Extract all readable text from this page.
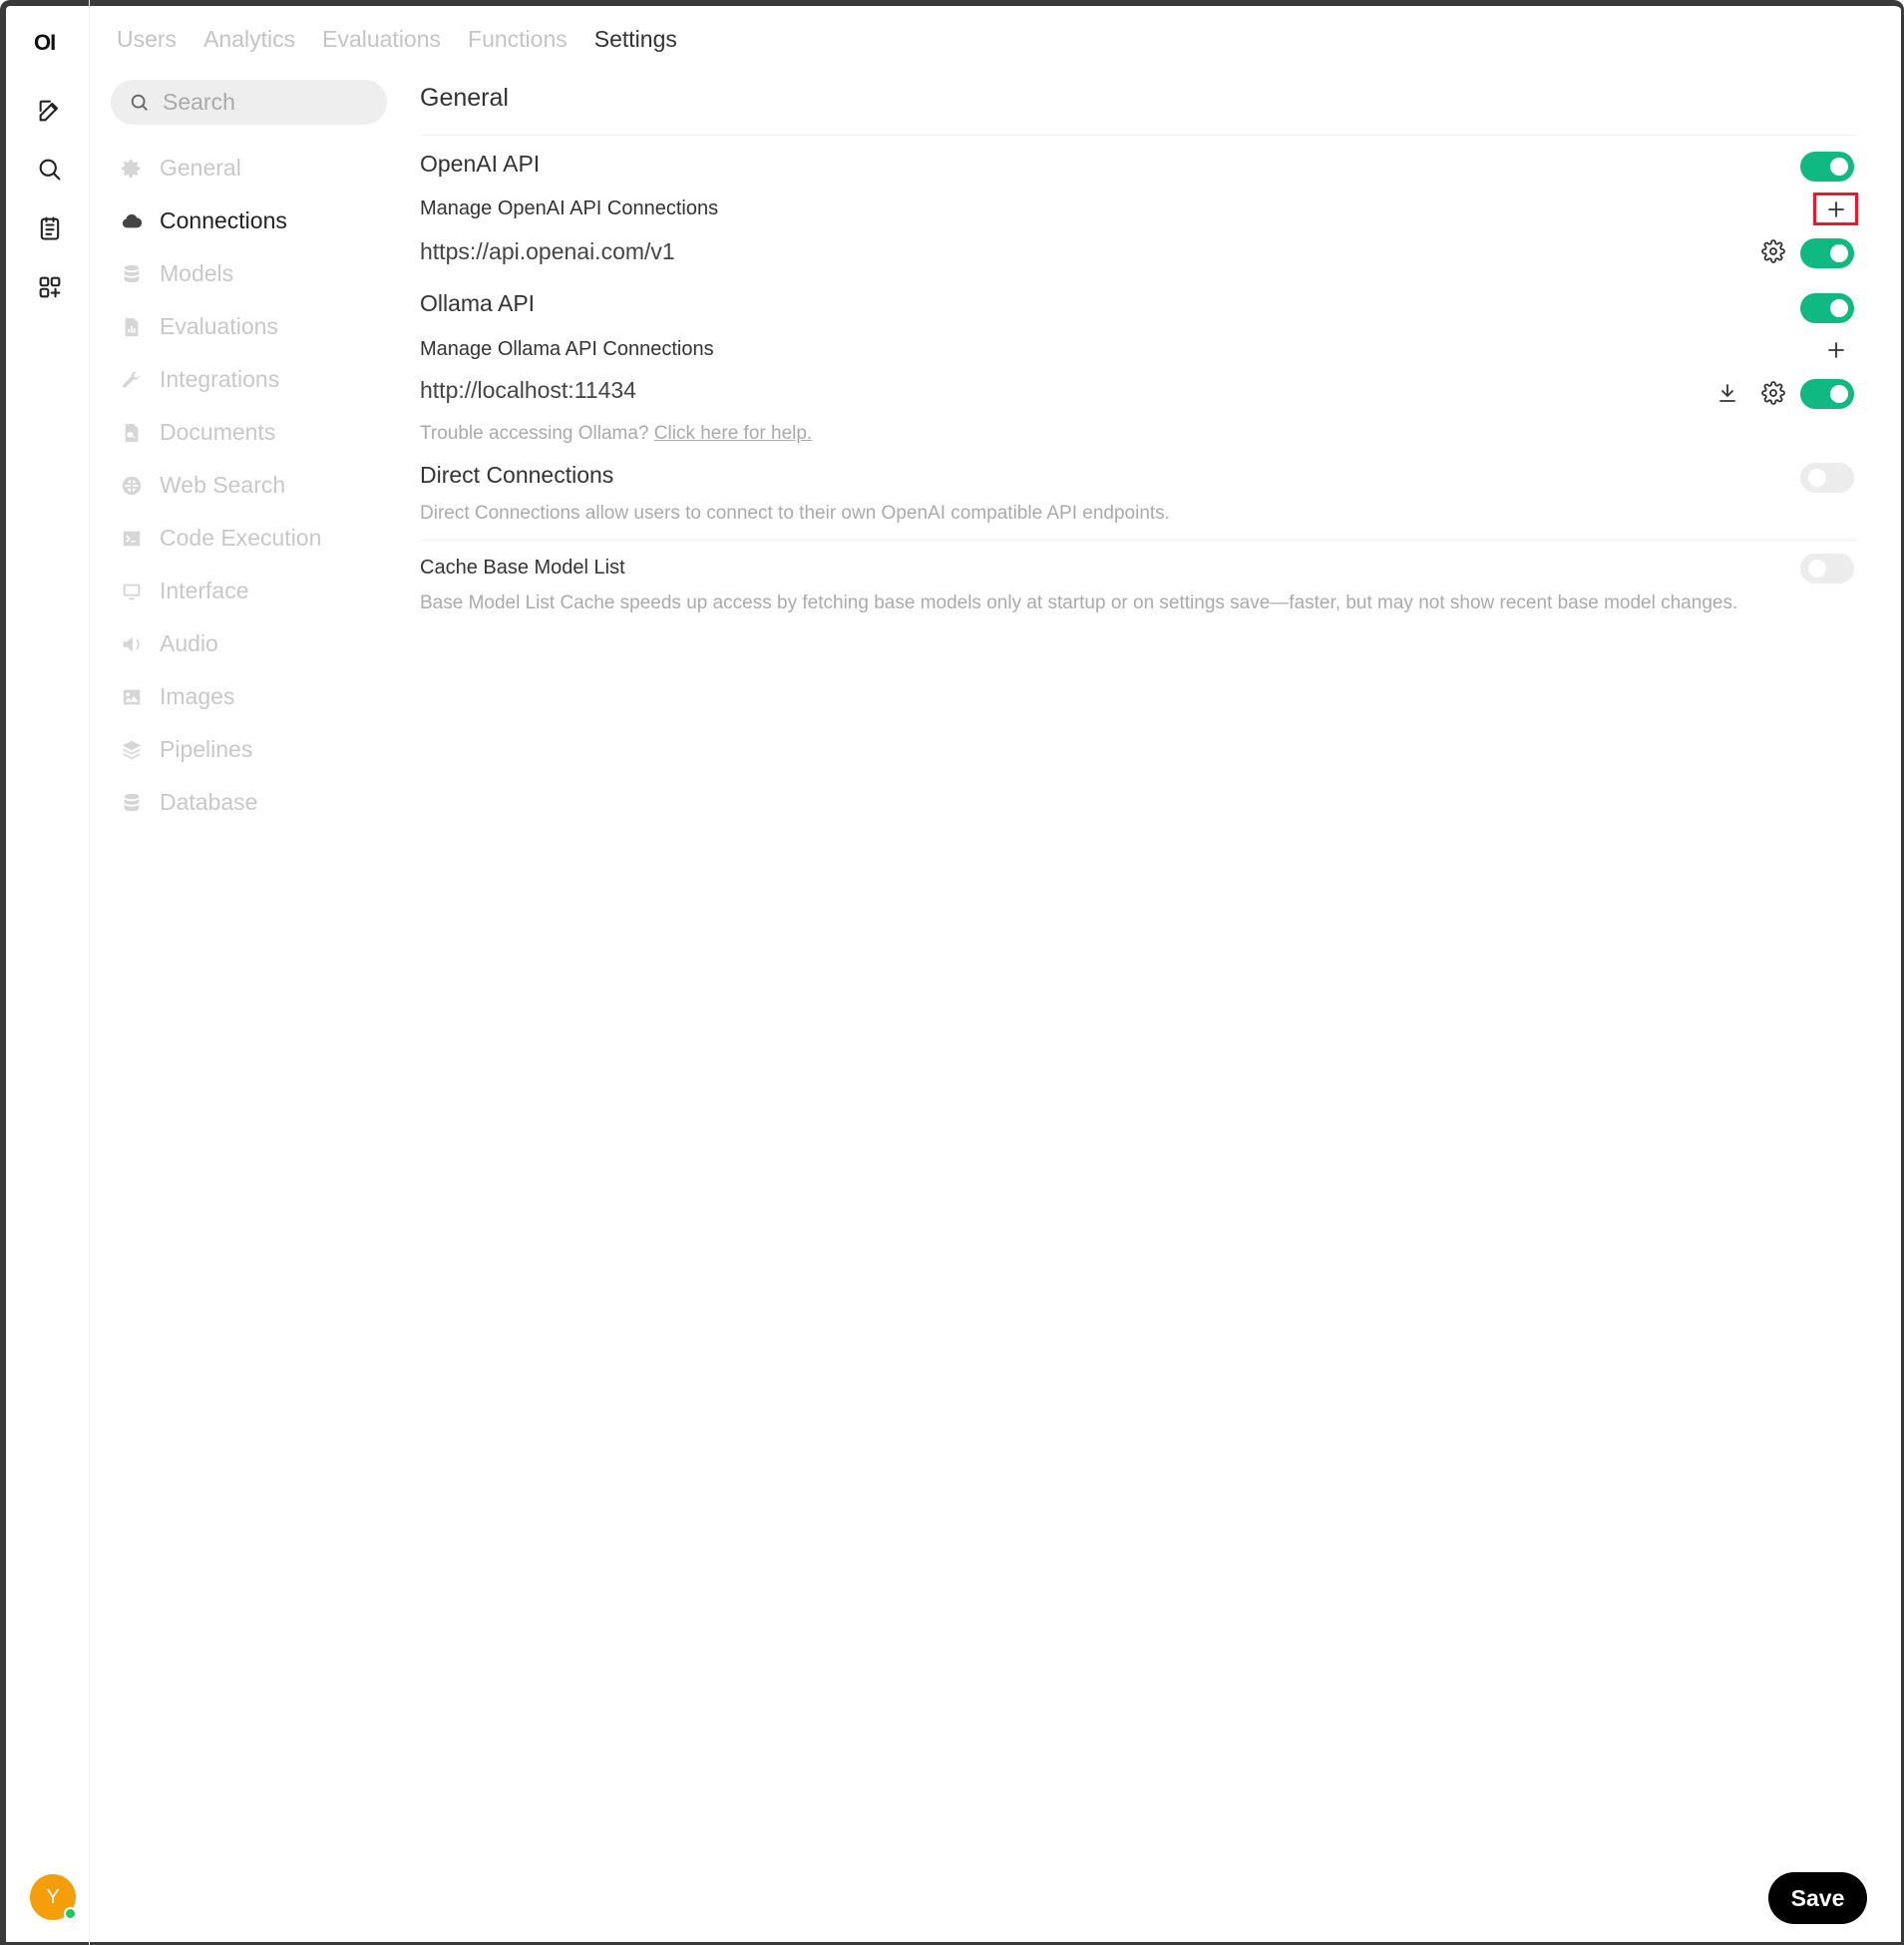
OI
Y
Users Analytics Evaluations Functions Settings
Search
General
Connections
Models
Evaluations
Integrations
Documents
Web Search
Code Execution
Interface
Audio
Images
Pipelines
Database
General
OpenAI API
Manage OpenAI API Connections
https://api.openai.com/v1
Ollama API
Manage Ollama API Connections
http://localhost:11434
Trouble accessing Ollama? Click here for help.
Direct Connections
Direct Connections allow users to connect to their own OpenAI compatible API endpoints.
Cache Base Model List
Base Model List Cache speeds up access by fetching base models only at startup or on settings save—faster, but may not show recent base model changes.
Save
